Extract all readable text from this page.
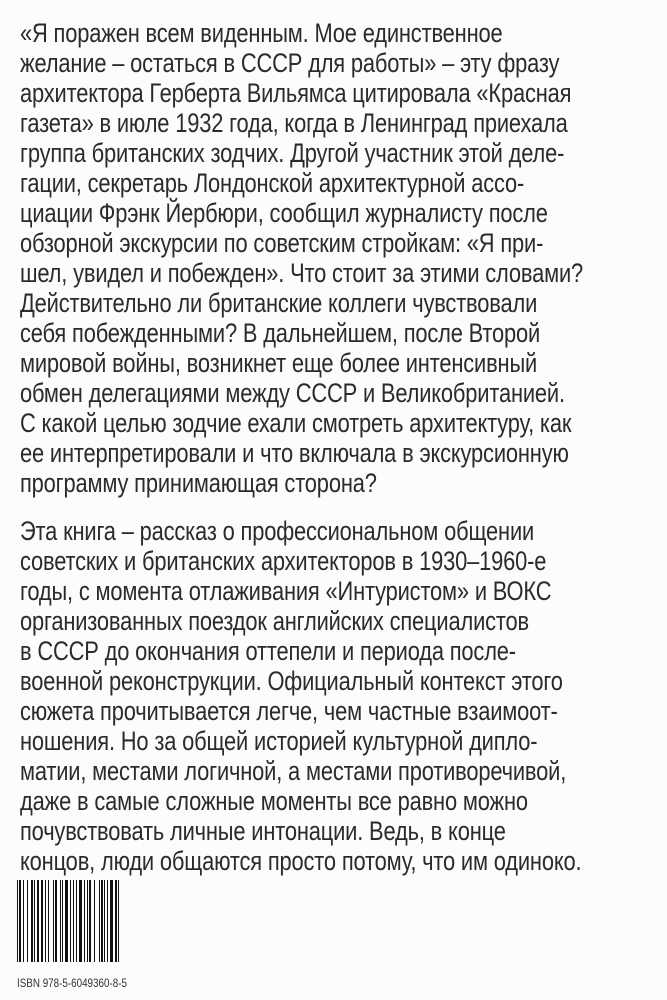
«Я поражен всем виденным. Мое единственное
желание – остаться в СССР для работы» – эту фразу
архитектора Герберта Вильямса цитировала «Красная
газета» в июле 1932 года, когда в Ленинград приехала
группа британских зодчих. Другой участник этой деле-
гации, секретарь Лондонской архитектурной ассо-
циации Фрэнк Йербюри, сообщил журналисту после
обзорной экскурсии по советским стройкам: «Я при-
шел, увидел и побежден». Что стоит за этими словами?
Действительно ли британские коллеги чувствовали
себя побежденными? В дальнейшем, после Второй
мировой войны, возникнет еще более интенсивный
обмен делегациями между СССР и Великобританией.
С какой целью зодчие ехали смотреть архитектуру, как
ее интерпретировали и что включала в экскурсионную
программу принимающая сторона?
Эта книга – рассказ о профессиональном общении
советских и британских архитекторов в 1930–1960-е
годы, с момента отлаживания «Интуристом» и ВОКС
организованных поездок английских специалистов
в СССР до окончания оттепели и периода после-
военной реконструкции. Официальный контекст этого
сюжета прочитывается легче, чем частные взаимоот-
ношения. Но за общей историей культурной дипло-
матии, местами логичной, а местами противоречивой,
даже в самые сложные моменты все равно можно
почувствовать личные интонации. Ведь, в конце
концов, люди общаются просто потому, что им одиноко.
ISBN 978-5-6049360-8-5
